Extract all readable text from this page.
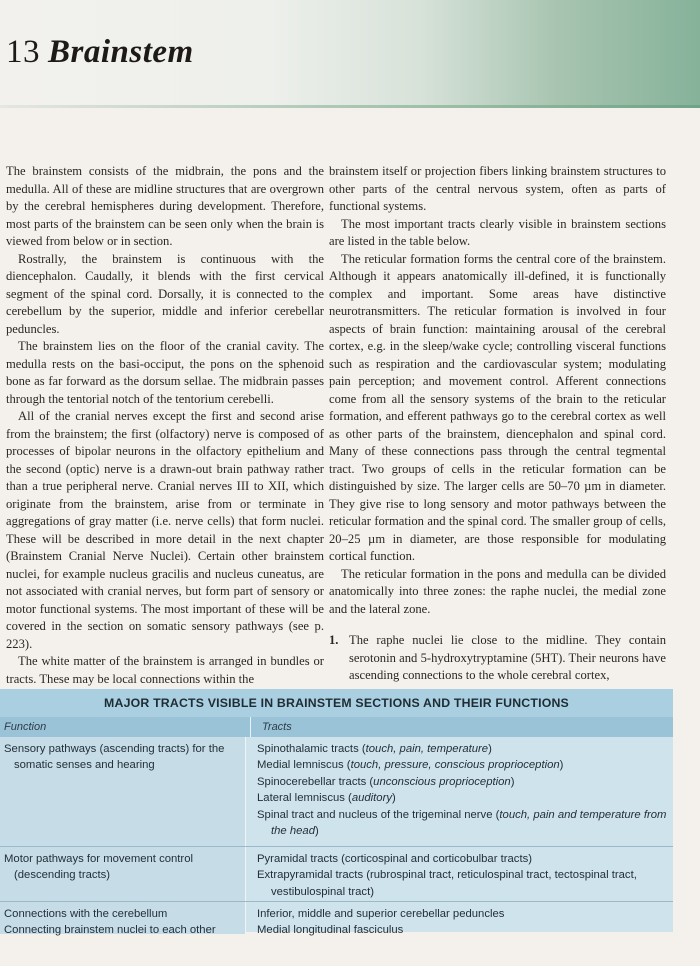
13 Brainstem

The brainstem consists of the midbrain, the pons and the medulla. All of these are midline structures that are overgrown by the cerebral hemispheres during development. Therefore, most parts of the brainstem can be seen only when the brain is viewed from below or in section.

Rostrally, the brainstem is continuous with the diencephalon. Caudally, it blends with the first cervical segment of the spinal cord. Dorsally, it is connected to the cerebellum by the superior, middle and inferior cerebellar peduncles.

The brainstem lies on the floor of the cranial cavity. The medulla rests on the basi-occiput, the pons on the sphenoid bone as far forward as the dorsum sellae. The midbrain passes through the tentorial notch of the tentorium cerebelli.

All of the cranial nerves except the first and second arise from the brainstem; the first (olfactory) nerve is composed of processes of bipolar neurons in the olfactory epithelium and the second (optic) nerve is a drawn-out brain pathway rather than a true peripheral nerve. Cranial nerves III to XII, which originate from the brainstem, arise from or terminate in aggregations of gray matter (i.e. nerve cells) that form nuclei. These will be described in more detail in the next chapter (Brainstem Cranial Nerve Nuclei). Certain other brainstem nuclei, for example nucleus gracilis and nucleus cuneatus, are not associated with cranial nerves, but form part of sensory or motor functional systems. The most important of these will be covered in the section on somatic sensory pathways (see p. 223).

The white matter of the brainstem is arranged in bundles or tracts. These may be local connections within the

brainstem itself or projection fibers linking brainstem structures to other parts of the central nervous system, often as parts of functional systems.

The most important tracts clearly visible in brainstem sections are listed in the table below.

The reticular formation forms the central core of the brainstem. Although it appears anatomically ill-defined, it is functionally complex and important. Some areas have distinctive neurotransmitters. The reticular formation is involved in four aspects of brain function: maintaining arousal of the cerebral cortex, e.g. in the sleep/wake cycle; controlling visceral functions such as respiration and the cardiovascular system; modulating pain perception; and movement control. Afferent connections come from all the sensory systems of the brain to the reticular formation, and efferent pathways go to the cerebral cortex as well as other parts of the brainstem, diencephalon and spinal cord. Many of these connections pass through the central tegmental tract. Two groups of cells in the reticular formation can be distinguished by size. The larger cells are 50–70 µm in diameter. They give rise to long sensory and motor pathways between the reticular formation and the spinal cord. The smaller group of cells, 20–25 µm in diameter, are those responsible for modulating cortical function.

The reticular formation in the pons and medulla can be divided anatomically into three zones: the raphe nuclei, the medial zone and the lateral zone.

1. The raphe nuclei lie close to the midline. They contain serotonin and 5-hydroxytryptamine (5HT). Their neurons have ascending connections to the whole cerebral cortex,
MAJOR TRACTS VISIBLE IN BRAINSTEM SECTIONS AND THEIR FUNCTIONS
Function	Tracts
Sensory pathways (ascending tracts) for the somatic senses and hearing
Spinothalamic tracts (touch, pain, temperature)
Medial lemniscus (touch, pressure, conscious proprioception)
Spinocerebellar tracts (unconscious proprioception)
Lateral lemniscus (auditory)
Spinal tract and nucleus of the trigeminal nerve (touch, pain and temperature from the head)
Motor pathways for movement control (descending tracts)
Pyramidal tracts (corticospinal and corticobulbar tracts)
Extrapyramidal tracts (rubrospinal tract, reticulospinal tract, tectospinal tract, vestibulospinal tract)
Connections with the cerebellum
Connecting brainstem nuclei to each other
Inferior, middle and superior cerebellar peduncles
Medial longitudinal fasciculus
